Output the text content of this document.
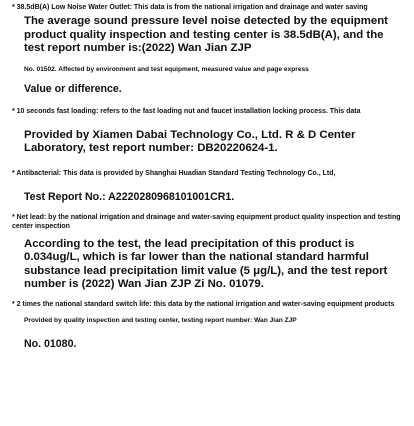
* 38.5dB(A) Low Noise Water Outlet: This data is from the national irrigation and drainage and water saving

The average sound pressure level noise detected by the equipment product quality inspection and testing center is 38.5dB(A), and the test report number is:(2022) Wan Jian ZJP

No. 01502. Affected by environment and test equipment, measured value and page express

Value or difference.

* 10 seconds fast loading: refers to the fast loading nut and faucet installation locking process. This data

Provided by Xiamen Dabai Technology Co., Ltd. R & D Center Laboratory, test report number: DB20220624-1.

* Antibacterial: This data is provided by Shanghai Huadian Standard Testing Technology Co., Ltd,

Test Report No.: A2220280968101001CR1.

* Net lead: by the national irrigation and drainage and water-saving equipment product quality inspection and testing center inspection

According to the test, the lead precipitation of this product is 0.034ug/L, which is far lower than the national standard harmful substance lead precipitation limit value (5 μg/L), and the test report number is (2022) Wan Jian ZJP Zi No. 01079.

* 2 times the national standard switch life: this data by the national irrigation and water-saving equipment products

Provided by quality inspection and testing center, testing report number: Wan Jian ZJP

No. 01080.
